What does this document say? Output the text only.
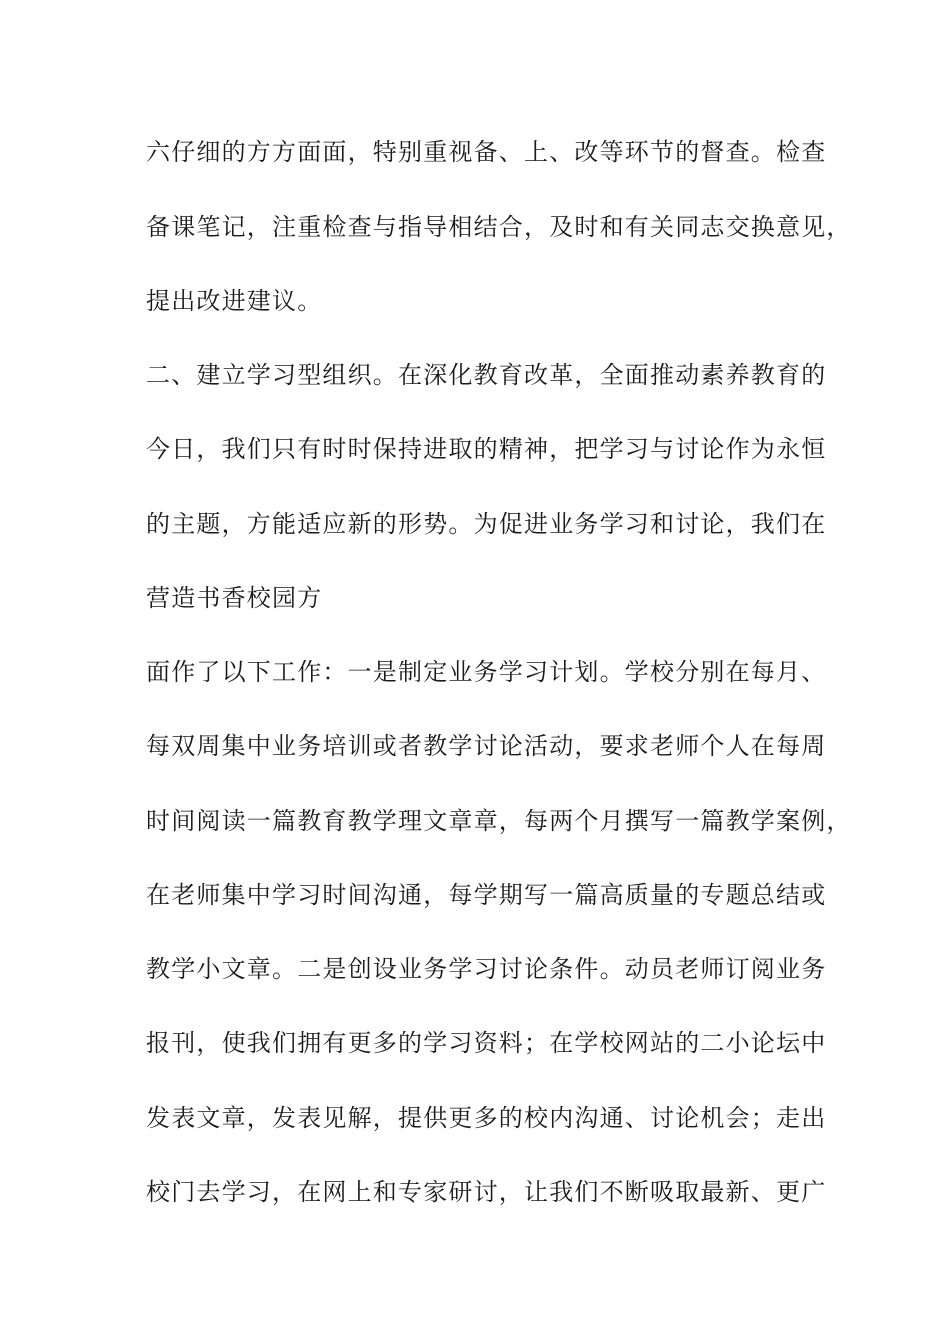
六仔细的方方面面，特别重视备、上、改等环节的督查。检查
备课笔记，注重检查与指导相结合，及时和有关同志交换意见，
提出改进建议。
二、建立学习型组织。在深化教育改革，全面推动素养教育的
今日，我们只有时时保持进取的精神，把学习与讨论作为永恒
的主题，方能适应新的形势。为促进业务学习和讨论，我们在
营造书香校园方
面作了以下工作：一是制定业务学习计划。学校分别在每月、
每双周集中业务培训或者教学讨论活动，要求老师个人在每周
时间阅读一篇教育教学理文章章，每两个月撰写一篇教学案例，
在老师集中学习时间沟通，每学期写一篇高质量的专题总结或
教学小文章。二是创设业务学习讨论条件。动员老师订阅业务
报刊，使我们拥有更多的学习资料；在学校网站的二小论坛中
发表文章，发表见解，提供更多的校内沟通、讨论机会；走出
校门去学习，在网上和专家研讨，让我们不断吸取最新、更广
